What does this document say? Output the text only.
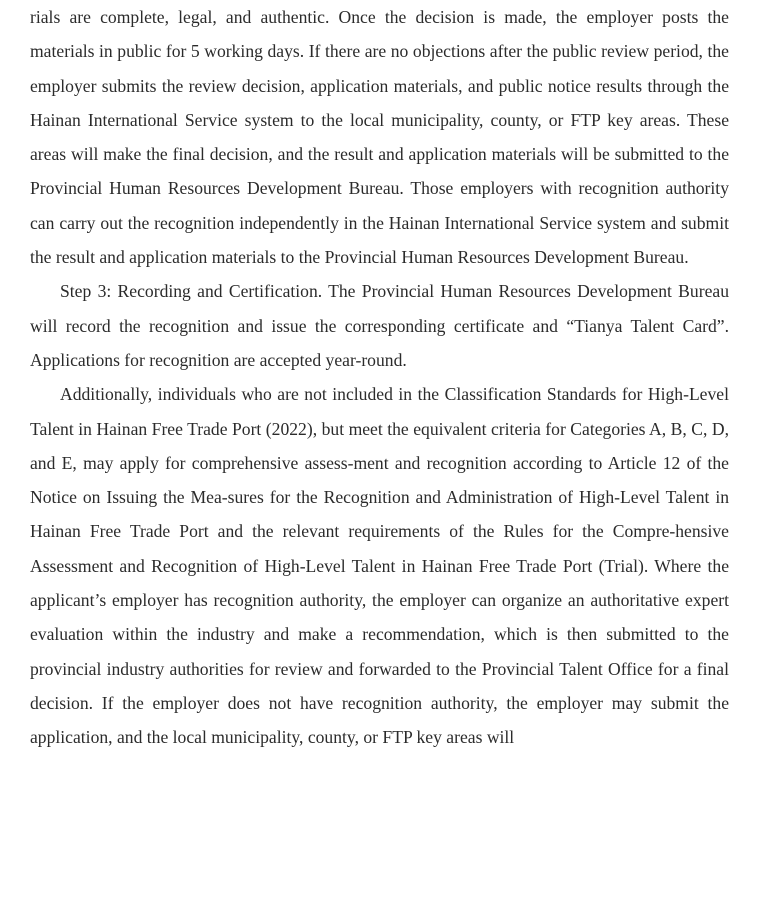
rials are complete, legal, and authentic. Once the decision is made, the employer posts the materials in public for 5 working days. If there are no objections after the public review period, the employer submits the review decision, application materials, and public notice results through the Hainan International Service system to the local municipality, county, or FTP key areas. These areas will make the final decision, and the result and application materials will be submitted to the Provincial Human Resources Development Bureau. Those employers with recognition authority can carry out the recognition independently in the Hainan International Service system and submit the result and application materials to the Provincial Human Resources Development Bureau.

Step 3: Recording and Certification. The Provincial Human Resources Development Bureau will record the recognition and issue the corresponding certificate and “Tianya Talent Card”. Applications for recognition are accepted year-round.

Additionally, individuals who are not included in the Classification Standards for High-Level Talent in Hainan Free Trade Port (2022), but meet the equivalent criteria for Categories A, B, C, D, and E, may apply for comprehensive assess-ment and recognition according to Article 12 of the Notice on Issuing the Mea-sures for the Recognition and Administration of High-Level Talent in Hainan Free Trade Port and the relevant requirements of the Rules for the Compre-hensive Assessment and Recognition of High-Level Talent in Hainan Free Trade Port (Trial). Where the applicant’s employer has recognition authority, the employer can organize an authoritative expert evaluation within the industry and make a recommendation, which is then submitted to the provincial industry authorities for review and forwarded to the Provincial Talent Office for a final decision. If the employer does not have recognition authority, the employer may submit the application, and the local municipality, county, or FTP key areas will
